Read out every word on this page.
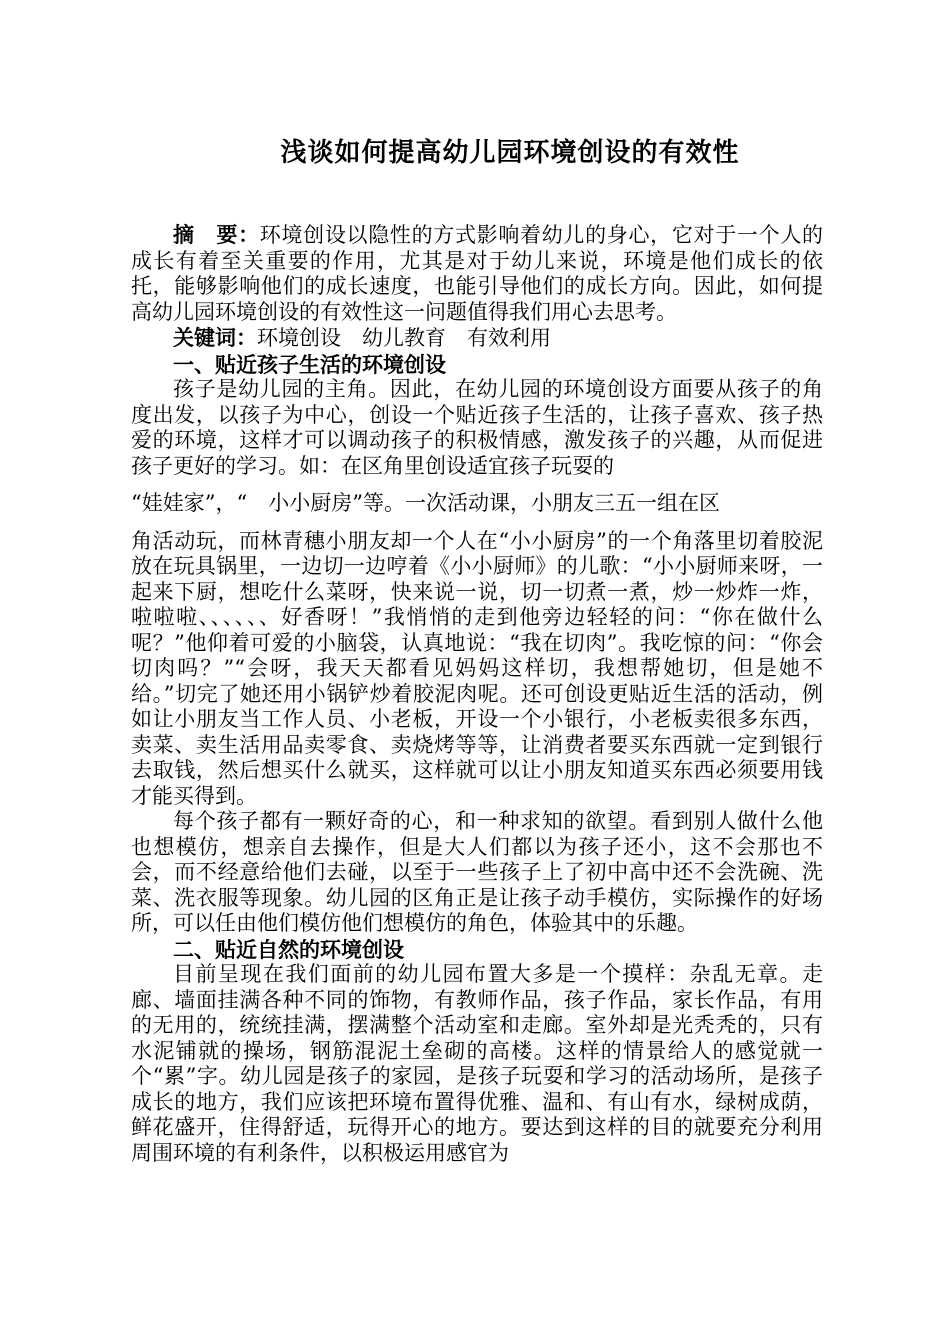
浅谈如何提高幼儿园环境创设的有效性

摘　要：环境创设以隐性的方式影响着幼儿的身心，它对于一个人的成长有着至关重要的作用，尤其是对于幼儿来说，环境是他们成长的依托，能够影响他们的成长速度，也能引导他们的成长方向。因此，如何提高幼儿园环境创设的有效性这一问题值得我们用心去思考。

关键词：环境创设　幼儿教育　有效利用

一、贴近孩子生活的环境创设

孩子是幼儿园的主角。因此，在幼儿园的环境创设方面要从孩子的角度出发，以孩子为中心，创设一个贴近孩子生活的，让孩子喜欢、孩子热爱的环境，这样才可以调动孩子的积极情感，激发孩子的兴趣，从而促进孩子更好的学习。如：在区角里创设适宜孩子玩耍的

“娃娃家”，“　小小厨房”等。一次活动课，小朋友三五一组在区

角活动玩，而林青穗小朋友却一个人在“小小厨房”的一个角落里切着胶泥放在玩具锅里，一边切一边哼着《小小厨师》的儿歌：“小小厨师来呀，一起来下厨，想吃什么菜呀，快来说一说，切一切煮一煮，炒一炒炸一炸，啦啦啦、、、、、、好香呀！”我悄悄的走到他旁边轻轻的问：“你在做什么呢？”他仰着可爱的小脑袋，认真地说：“我在切肉”。我吃惊的问：“你会切肉吗？”“会呀，我天天都看见妈妈这样切，我想帮她切，但是她不给。”切完了她还用小锅铲炒着胶泥肉呢。还可创设更贴近生活的活动，例如让小朋友当工作人员、小老板，开设一个小银行，小老板卖很多东西，卖菜、卖生活用品卖零食、卖烧烤等等，让消费者要买东西就一定到银行去取钱，然后想买什么就买，这样就可以让小朋友知道买东西必须要用钱才能买得到。

每个孩子都有一颗好奇的心，和一种求知的欲望。看到别人做什么他也想模仿，想亲自去操作，但是大人们都以为孩子还小，这不会那也不会，而不经意给他们去碰，以至于一些孩子上了初中高中还不会洗碗、洗菜、洗衣服等现象。幼儿园的区角正是让孩子动手模仿，实际操作的好场所，可以任由他们模仿他们想模仿的角色，体验其中的乐趣。

二、贴近自然的环境创设

目前呈现在我们面前的幼儿园布置大多是一个摸样：杂乱无章。走廊、墙面挂满各种不同的饰物，有教师作品，孩子作品，家长作品，有用的无用的，统统挂满，摆满整个活动室和走廊。室外却是光秃秃的，只有水泥铺就的操场，钢筋混泥土垒砌的高楼。这样的情景给人的感觉就一个“累”字。幼儿园是孩子的家园，是孩子玩耍和学习的活动场所，是孩子成长的地方，我们应该把环境布置得优雅、温和、有山有水，绿树成荫，鲜花盛开，住得舒适，玩得开心的地方。要达到这样的目的就要充分利用周围环境的有利条件，以积极运用感官为
